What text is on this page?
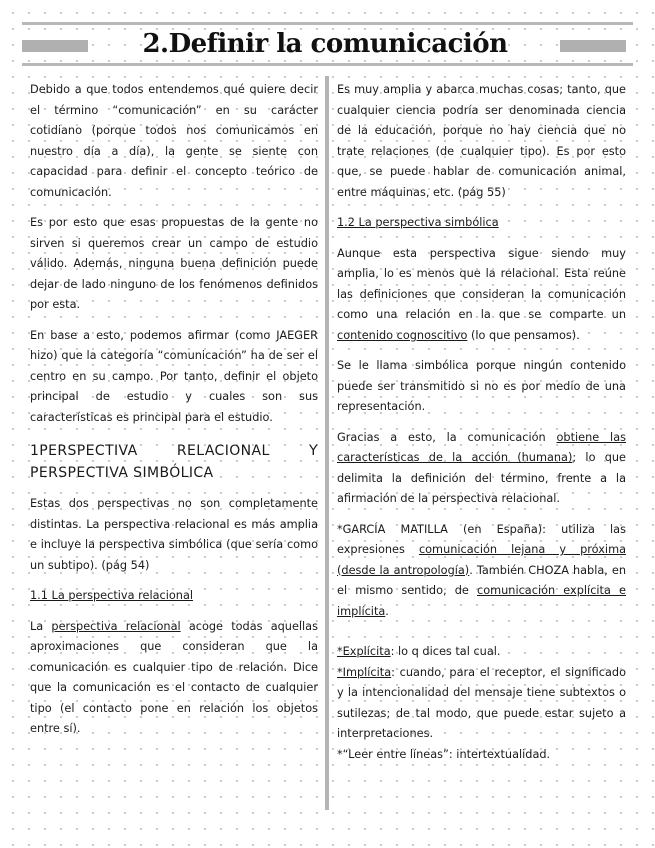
2.Definir la comunicación

Debido a que todos entendemos qué quiere decir el término “comunicación” en su carácter cotidiano (porque todos nos comunicamos en nuestro día a día), la gente se siente con capacidad para definir el concepto teórico de comunicación.

Es por esto que esas propuestas de la gente no sirven si queremos crear un campo de estudio válido. Además, ninguna buena definición puede dejar de lado ninguno de los fenómenos definidos por esta.

En base a esto, podemos afirmar (como JAEGER hizo) que la categoría “comunicación” ha de ser el centro en su campo. Por tanto, definir el objeto principal de estudio y cuales son sus características es principal para el estudio.

1PERSPECTIVA RELACIONAL Y PERSPECTIVA SIMBÓLICA

Estas dos perspectivas no son completamente distintas. La perspectiva relacional es más amplia e incluye la perspectiva simbólica (que sería como un subtipo). (pág 54)

1.1 La perspectiva relacional

La perspectiva relacional acoge todas aquellas aproximaciones que consideran que la comunicación es cualquier tipo de relación. Dice que la comunicación es el contacto de cualquier tipo (el contacto pone en relación los objetos entre sí).

Es muy amplia y abarca muchas cosas; tanto, que cualquier ciencia podría ser denominada ciencia de la educación, porque no hay ciencia que no trate relaciones (de cualquier tipo). Es por esto que, se puede hablar de comunicación animal, entre máquinas, etc. (pág 55)

1.2 La perspectiva simbólica

Aunque esta perspectiva sigue siendo muy amplia, lo es menos que la relacional. Esta reúne las definiciones que consideran la comunicación como una relación en la que se comparte un contenido cognoscitivo (lo que pensamos).

Se le llama simbólica porque ningún contenido puede ser transmitido si no es por medio de una representación.

Gracias a esto, la comunicación obtiene las características de la acción (humana); lo que delimita la definición del término, frente a la afirmación de la perspectiva relacional.

*GARCÍA MATILLA (en España): utiliza las expresiones comunicación lejana y próxima (desde la antropología). También CHOZA habla, en el mismo sentido, de comunicación explícita e implícita.

*Explícita: lo q dices tal cual.

*Implícita: cuando, para el receptor, el significado y la intencionalidad del mensaje tiene subtextos o sutilezas; de tal modo, que puede estar sujeto a interpretaciones.

*“Leer entre líneas”: intertextualidad.
